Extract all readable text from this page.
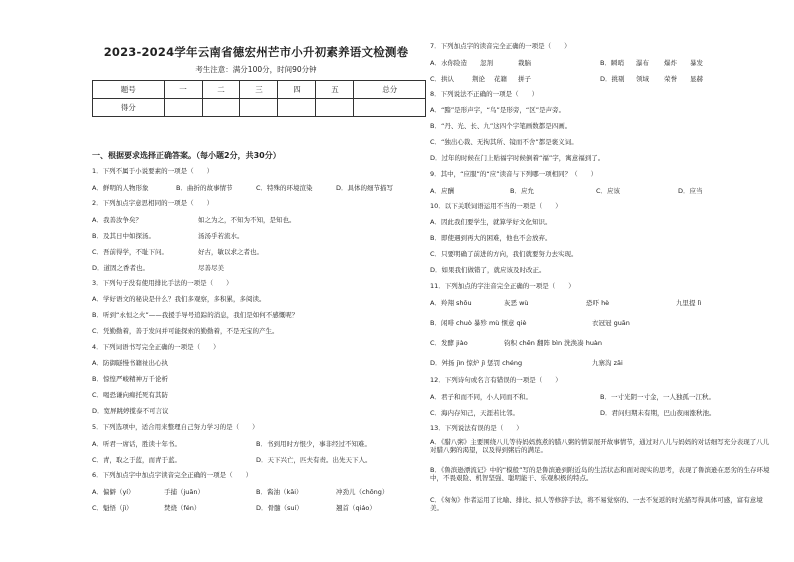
2023-2024学年云南省德宏州芒市小升初素养语文检测卷
考生注意：满分100分，时间90分钟
题号	一	二	三	四	五	总分
得分						
一、根据要求选择正确答案。（每小题2分，共30分）
1．下列不属于小说要素的一项是（　　）
A．鲜明的人物形象	B．曲折的故事情节	C．特殊的环境渲染	D．具体的细节描写
2．下列加点字意思相同的一项是（　　）
A．我善汝争矣？	如之为之，不知为不知，是知也。
B．及其日中如探汤。	汤汤乎若流水。
C．吾前得学，不耻下问。	好古，敏以求之者也。
D．道固之香者也。	尽善尽美
3．下列句子没有使用排比手法的一项是（　　）
A．学好语文的秘诀是什么？我们多观察，多积累，多阅读。
B．听到“永恒之火”——我援手导号追踪的消息，我们是如何不感慨呢？
C．凭勤勤着，善于发问并可能探索的勤勤着，不是无宝的产生。
4．下列词语书写完全正确的一项是（　　）
A．防御隧慢书籍祉出心执
B．惊惶严峻精神万千论析
C．喝恐谦向痴托死有其防
D．宽屏跳婷揽泰不可言议
5．下列选项中，适合用来整理自己努力学习的是（　　）
A．听君一席话，胜读十年书。	B．书到用时方恨少，事非经过不知难。
C．青，取之于蓝，而青于蓝。	D．天下兴亡，匹夫有责。出先天下人。
6．下列加点字中加点字读音完全正确的一项是（　　）
A．偏僻（yí）	手捕（juān）	B．酱油（kāi）	冲劲儿（chōng）
C．魁悟（jì）	焚烧（fén）	D．骨髓（suí）	翘首（qiáo）
7．下列加点字的读音完全正确的一项是（　　）
A．水你险造 忽剂	栽脑	B．瞬哨 瀑布 爆炸 暴发
C．拱认	荆论 花籍 拼子	D．挑剔 领域 荣誉 显赫
8．下列说法不正确的一项是（　　）
A．“黯”是形声字，“鸟”是形旁，“区”是声旁。
B．“丹、光、长、九”这四个字笔画数都是四画。
C．“独出心裁、无拘其所、镜而不舍”都是褒义词。
D．过年的时候在门上贴福字时候倒着“福”字，寓意福到了。
9．其中，“应服”的“应”读音与下列哪一项相同？（　　）
A．应酬	B．应允	C．应该	D．应当
10．以下关联词语运用不当的一项是（　　）
A．因此我们要学生，就算学好文化知识。
B．即使遇到再大的困难，他也不会放弃。
C．只要明确了前进的方向，我们就要努力去实现。
D．如果我们做错了，就应该及时改正。
11．下列加点的字注音完全正确的一项是（　　）
A．羚翔 shōu	灰恶 wù	恐吓 hè	九里提 lì
B．闲啡 chuò 暴殄 mù 惬意 qiè	衣冠冠 guān
C．发酵 jiào	钧积 chēn 翻阵 bìn 洗涣凑 huàn
D．舛扬 jìn 惊炉 jì 惩罚 chéng	九寨沟 zāi
12．下列诗句或名言有错误的一项是（　　）
A．君子和而不同，小人同而不和。	B．一寸光阴一寸金，一人独孤一江秋。
C．海内存知己，天涯若比邻。	D．君问归期未有期，巴山夜雨涨秋池。
13．下列说法有误的是（　　）
A．《腊八粥》主要围绕八儿等待妈妈熬煮的腊八粥的情景展开故事情节，通过对八儿与妈妈的对话细写充分表现了八儿对腊八粥的渴望，以及得到粥后的满足。
B．《鲁滨逊漂流记》中的“模般”写的是鲁滨逊到附近岛的生活状态和面对现实的思考，表现了鲁滨逊在恶劣的生存环境中，不畏艰险、机智坚强、聪明能干、乐观积极的特点。
C．《匆匆》作者运用了比喻、排比、拟人等修辞手法，将不易觉察的、一去不复返的时光描写得具体可感，富有意境美。
